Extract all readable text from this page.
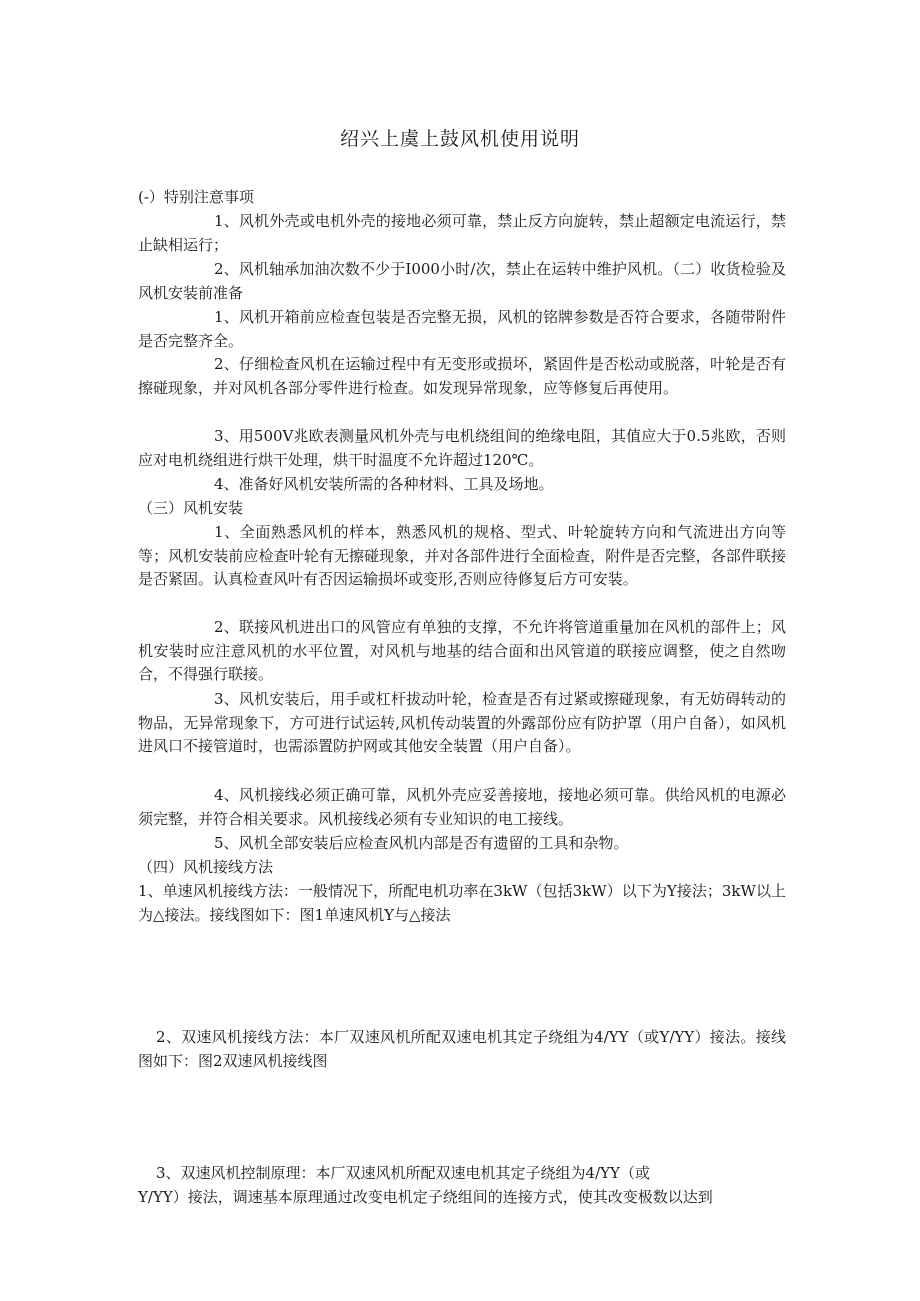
绍兴上虞上鼓风机使用说明

(-）特别注意事项

1、风机外壳或电机外壳的接地必须可靠，禁止反方向旋转，禁止超额定电流运行，禁止缺相运行；

2、风机轴承加油次数不少于I000小时/次，禁止在运转中维护风机。（二）收货检验及风机安装前准备

1、风机开箱前应检查包装是否完整无损，风机的铭牌参数是否符合要求，各随带附件是否完整齐全。

2、仔细检查风机在运输过程中有无变形或损坏，紧固件是否松动或脱落，叶轮是否有擦碰现象，并对风机各部分零件进行检查。如发现异常现象，应等修复后再使用。

3、用500V兆欧表测量风机外壳与电机绕组间的绝缘电阻，其值应大于0.5兆欧，否则应对电机绕组进行烘干处理，烘干时温度不允许超过120℃。

4、准备好风机安装所需的各种材料、工具及场地。

（三）风机安装

1、全面熟悉风机的样本，熟悉风机的规格、型式、叶轮旋转方向和气流进出方向等等；风机安装前应检查叶轮有无擦碰现象，并对各部件进行全面检查，附件是否完整，各部件联接是否紧固。认真检查风叶有否因运输损坏或变形,否则应待修复后方可安装。

2、联接风机进出口的风管应有单独的支撑，不允许将管道重量加在风机的部件上；风机安装时应注意风机的水平位置，对风机与地基的结合面和出风管道的联接应调整，使之自然吻合，不得强行联接。

3、风机安装后，用手或杠杆拔动叶轮，检查是否有过紧或擦碰现象，有无妨碍转动的物品，无异常现象下，方可进行试运转,风机传动装置的外露部份应有防护罩（用户自备），如风机进风口不接管道时，也需添置防护网或其他安全装置（用户自备）。

4、风机接线必须正确可靠，风机外壳应妥善接地，接地必须可靠。供给风机的电源必须完整，并符合相关要求。风机接线必须有专业知识的电工接线。

5、风机全部安装后应检查风机内部是否有遗留的工具和杂物。

（四）风机接线方法

1、单速风机接线方法：一般情况下，所配电机功率在3kW（包括3kW）以下为Y接法；3kW以上为△接法。接线图如下：图1单速风机Y与△接法

2、双速风机接线方法：本厂双速风机所配双速电机其定子绕组为4/YY（或Y/YY）接法。接线图如下：图2双速风机接线图

3、双速风机控制原理：本厂双速风机所配双速电机其定子绕组为4/YY（或

Y/YY）接法，调速基本原理通过改变电机定子绕组间的连接方式，使其改变极数以达到
